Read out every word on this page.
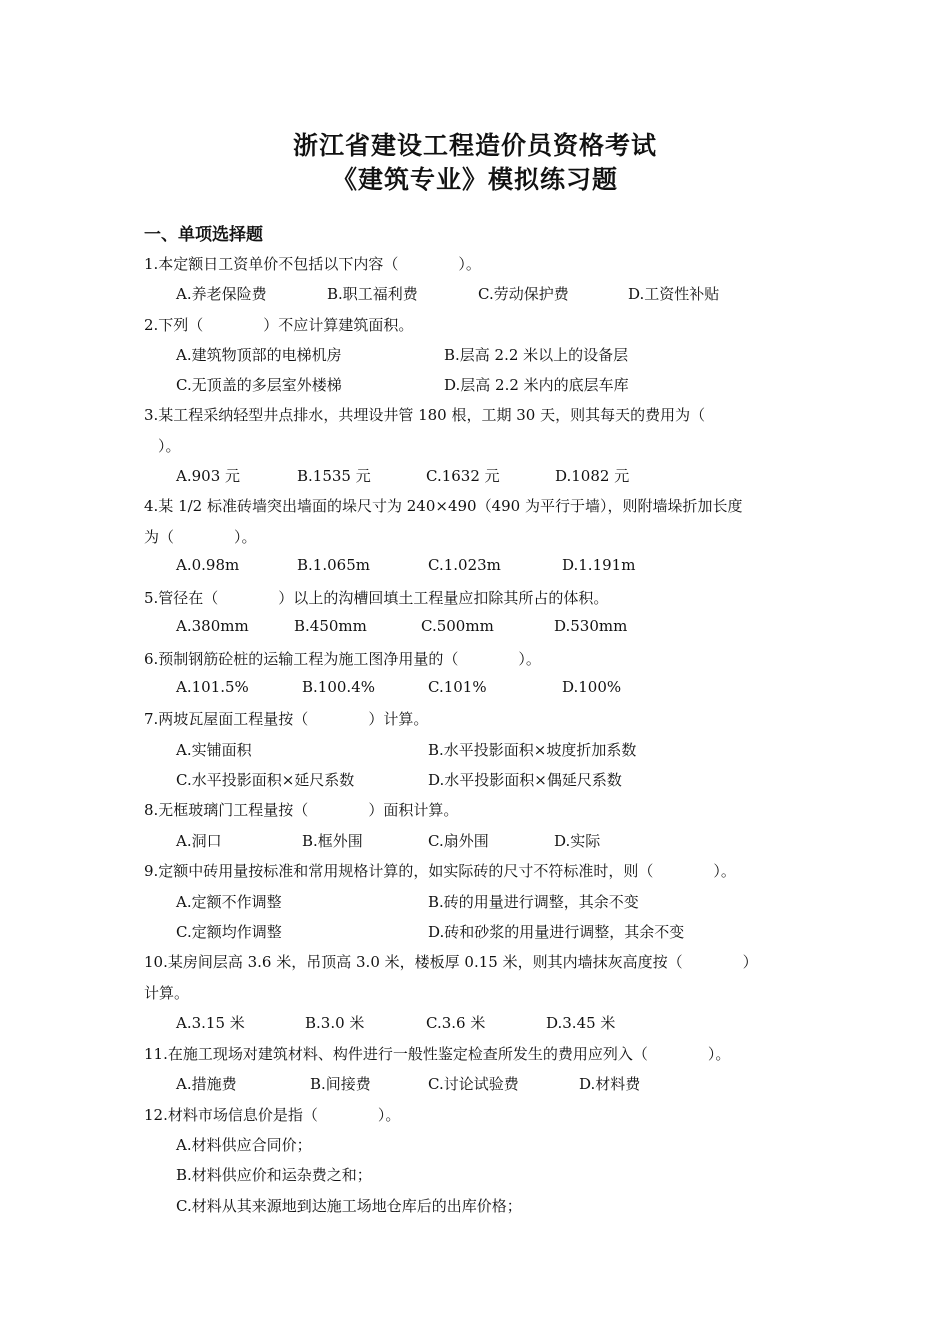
浙江省建设工程造价员资格考试
《建筑专业》模拟练习题
一、单项选择题
1.本定额日工资单价不包括以下内容（　　　　）。
A.养老保险费	B.职工福利费	C.劳动保护费	D.工资性补贴
2.下列（　　　　）不应计算建筑面积。
A.建筑物顶部的电梯机房	B.层高 2.2 米以上的设备层
C.无顶盖的多层室外楼梯	D.层高 2.2 米内的底层车库
3.某工程采纳轻型井点排水，共埋设井管 180 根，工期 30 天，则其每天的费用为（
）。
A.903 元	B.1535 元	C.1632 元	D.1082 元
4.某 1/2 标准砖墙突出墙面的垛尺寸为 240×490（490 为平行于墙），则附墙垛折加长度
为（　　　　）。
A.0.98m	B.1.065m	C.1.023m	D.1.191m
5.管径在（　　　　）以上的沟槽回填土工程量应扣除其所占的体积。
A.380mm	B.450mm	C.500mm	D.530mm
6.预制钢筋砼桩的运输工程为施工图净用量的（　　　　）。
A.101.5%	B.100.4%	C.101%	D.100%
7.两坡瓦屋面工程量按（　　　　）计算。
A.实铺面积	B.水平投影面积×坡度折加系数
C.水平投影面积×延尺系数	D.水平投影面积×偶延尺系数
8.无框玻璃门工程量按（　　　　）面积计算。
A.洞口	B.框外围	C.扇外围	D.实际
9.定额中砖用量按标准和常用规格计算的，如实际砖的尺寸不符标准时，则（　　　　）。
A.定额不作调整	B.砖的用量进行调整，其余不变
C.定额均作调整	D.砖和砂浆的用量进行调整，其余不变
10.某房间层高 3.6 米，吊顶高 3.0 米，楼板厚 0.15 米，则其内墙抹灰高度按（　　　　）
计算。
A.3.15 米	B.3.0 米	C.3.6 米	D.3.45 米
11.在施工现场对建筑材料、构件进行一般性鉴定检查所发生的费用应列入（　　　　）。
A.措施费	B.间接费	C.讨论试验费	D.材料费
12.材料市场信息价是指（　　　　）。
A.材料供应合同价；
B.材料供应价和运杂费之和；
C.材料从其来源地到达施工场地仓库后的出库价格；
